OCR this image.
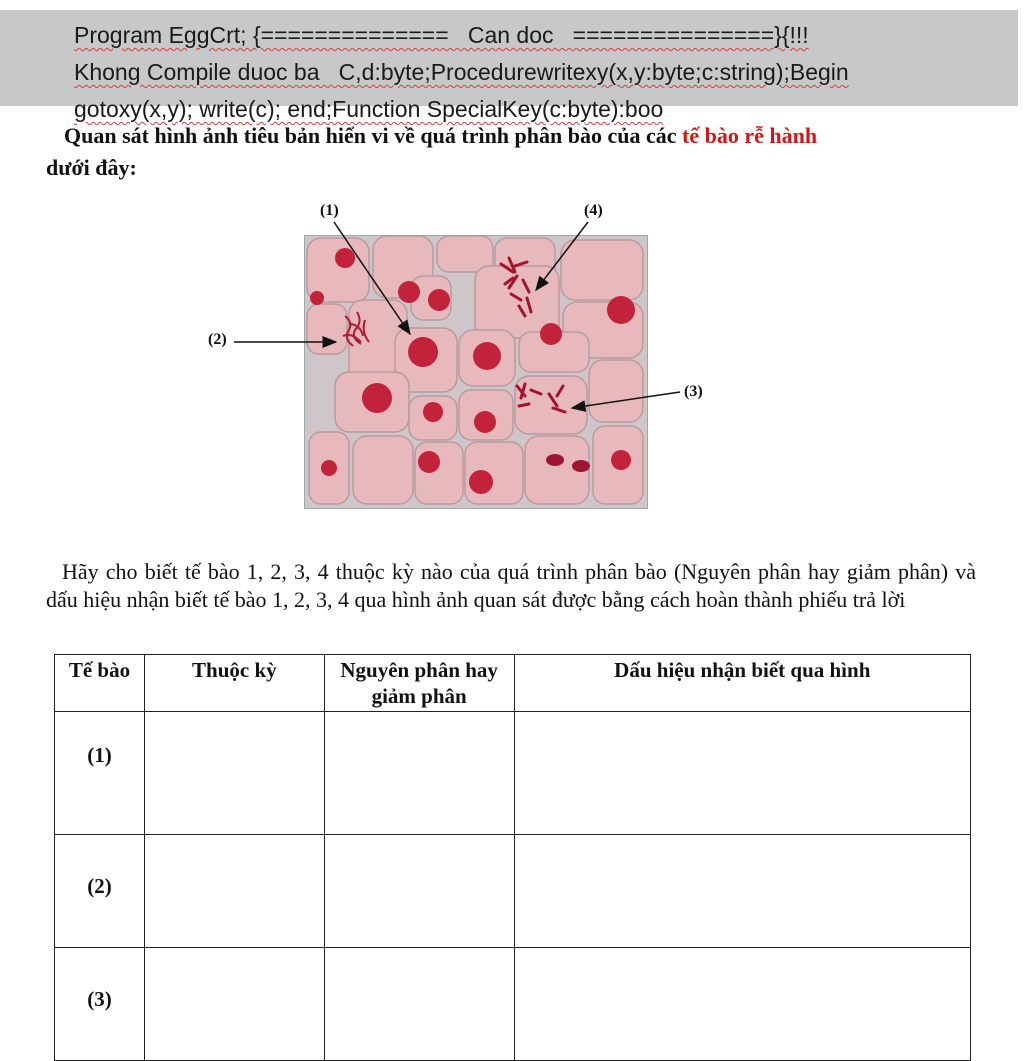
Program EggCrt; {==============   Can doc   ===============}{!!!
Khong Compile duoc ba   C,d:byte;Procedurewritexy(x,y:byte;c:string);Begin
gotoxy(x,y); write(c); end;Function SpecialKey(c:byte):boo
Quan sát hình ảnh tiêu bản hiển vi về quá trình phân bào của các tế bào rễ hành
dưới đây:
(1)
(2)
(3)
(4)
Hãy cho biết tế bào 1, 2, 3, 4 thuộc kỳ nào của quá trình phân bào (Nguyên phân hay giảm phân) và dấu hiệu nhận biết tế bào 1, 2, 3, 4 qua hình ảnh quan sát được bằng cách hoàn thành phiếu trả lời
Tế bào	Thuộc kỳ	Nguyên phân hay giảm phân	Dấu hiệu nhận biết qua hình

(1)			

(2)			

(3)			
